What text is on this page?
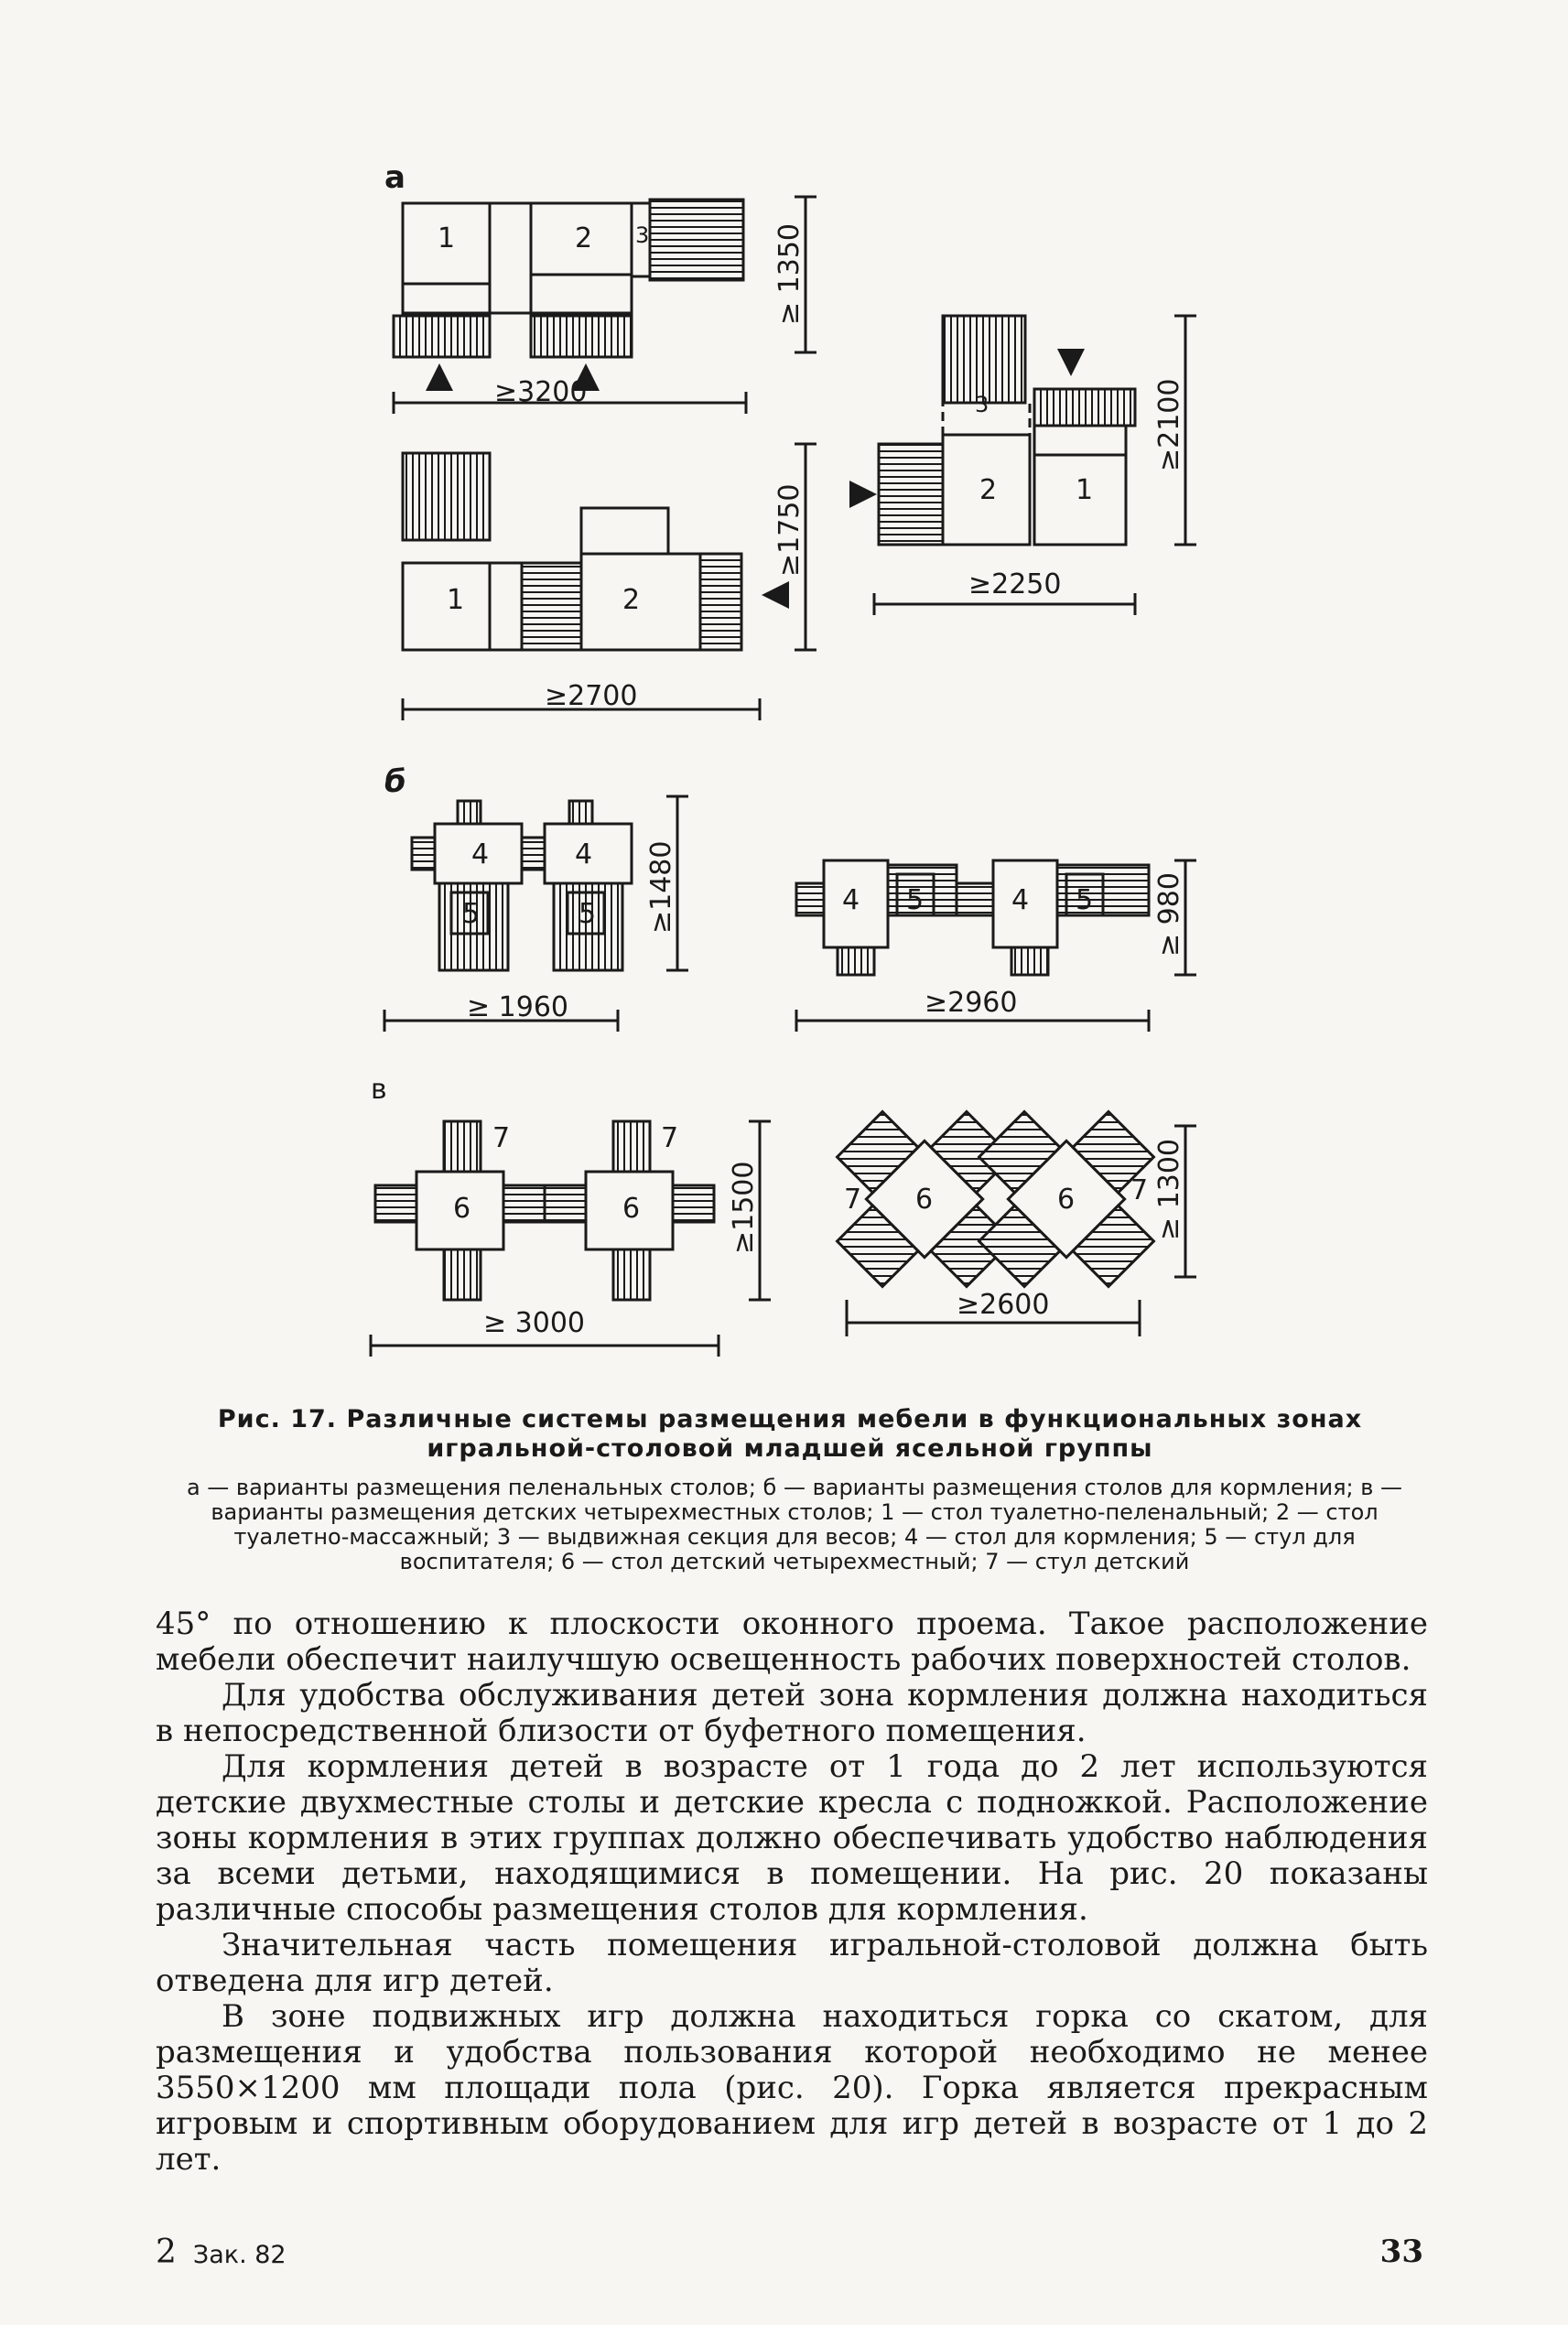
а
1	2 3
≥3200
≥ 1350
1	2
≥2700
≥1750
3
2	1
≥2250
≥2100
б
4
5
4
5
≥ 1960
≥1480	4 5	4 5
≥2960
≥ 980
в
7
6
7
6
≥ 3000
≥1500	7 6	6 7
≥2600
≥ 1300
Рис. 17. Различные системы размещения мебели в функциональных зонах игральной-столовой младшей ясельной группы
а — варианты размещения пеленальных столов; б — варианты размещения столов для кормления; в — варианты размещения детских четырехместных столов; 1 — стол туалетно-пеленальный; 2 — стол туалетно-массажный; 3 — выдвижная секция для весов; 4 — стол для кормления; 5 — стул для воспитателя; 6 — стол детский четырехместный; 7 — стул детский

45° по отношению к плоскости оконного проема. Такое расположение мебели обеспечит наилучшую освещенность рабочих поверхностей столов.

Для удобства обслуживания детей зона кормления должна находиться в непосредственной близости от буфетного помещения.

Для кормления детей в возрасте от 1 года до 2 лет используются детские двухместные столы и детские кресла с подножкой. Расположение зоны кормления в этих группах должно обеспечивать удобство наблюдения за всеми детьми, находящимися в помещении. На рис. 20 показаны различные способы размещения столов для кормления.

Значительная часть помещения игральной-столовой должна быть отведена для игр детей.

В зоне подвижных игр должна находиться горка со скатом, для размещения и удобства пользования которой необходимо не менее 3550×1200 мм площади пола (рис. 20). Горка является прекрасным игровым и спортивным оборудованием для игр детей в возрасте от 1 до 2 лет.

2 Зак. 82	33
